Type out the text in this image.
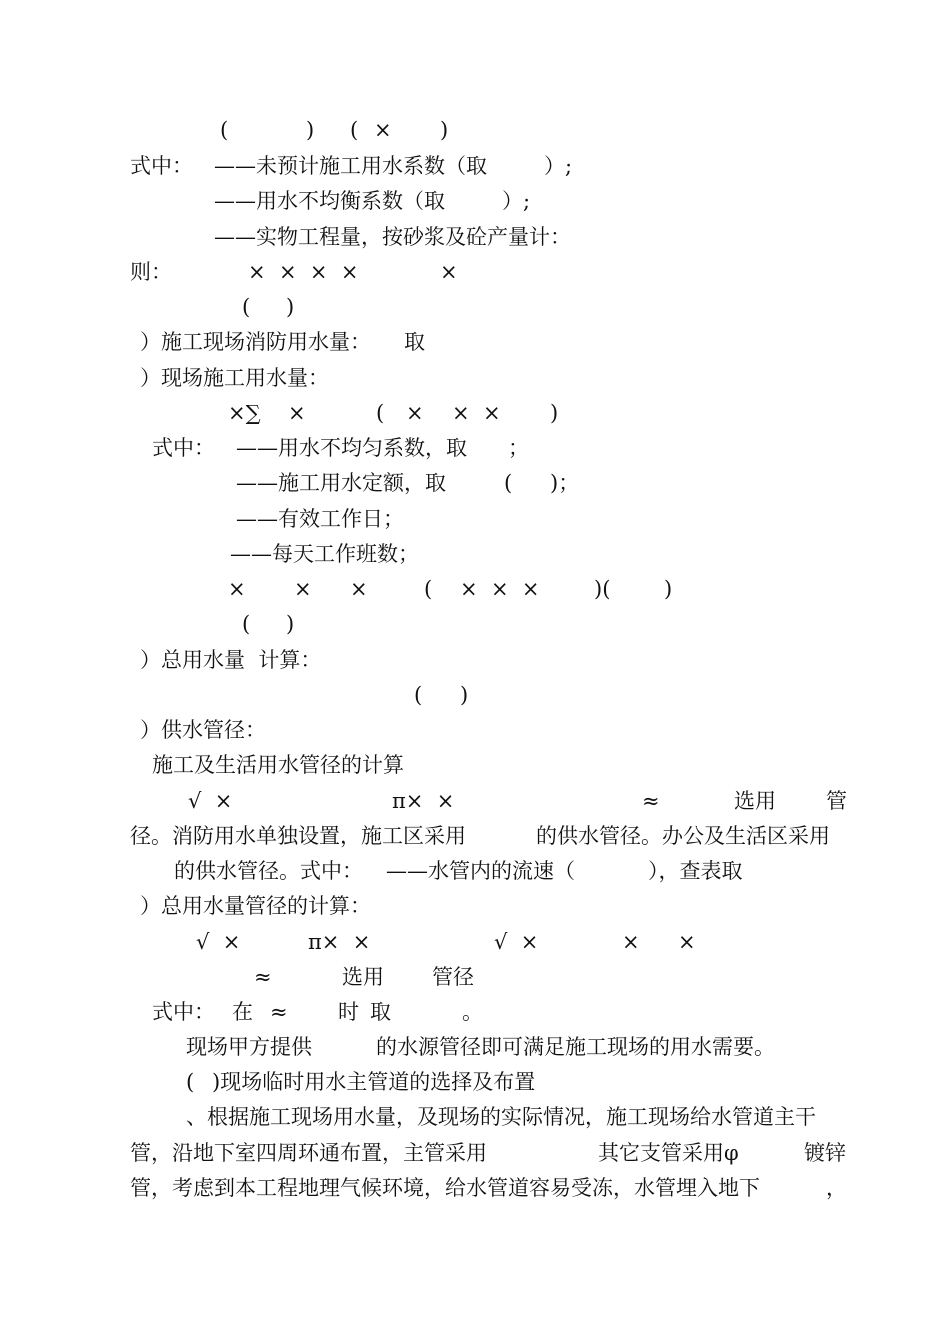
(

	)

(

×

)

式中：

——未预计施工用水系数（取

	）;

——用水不均衡系数（取

	）;

——实物工程量，按砂浆及砼产量计：

则：

	×  ×  ×  ×

	×

(

)

）施工现场消防用水量：

取

）现场施工用水量：

×∑

×

	(

×

×  ×

)

式中：

——用水不均匀系数，取

；

——施工用水定额，取

	(

)；

——有效工作日；

——每天工作班数；

×

×

×

	(

×  ×  ×

	)(

	)

(

)

）总用水量  计算：

(

)

）供水管径：

施工及生活用水管径的计算

√  ×

	π×  ×

	≈

	选用

管

径。消防用水单独设置，施工区采用

	的供水管径。办公及生活区采用

的供水管径。式中：

——水管内的流速（

	），查表取

）总用水量管径的计算：

√  ×

	π×  ×

	√  ×

	×

×

≈

	选用

管径

式中：

在

≈

时

取

	。

现场甲方提供

	的水源管径即可满足施工现场的用水需要。

(

)现场临时用水主管道的选择及布置

、根据施工现场用水量，及现场的实际情况，施工现场给水管道主干

管，沿地下室四周环通布置，主管采用

	其它支管采用φ

	镀锌

管，考虑到本工程地理气候环境，给水管道容易受冻，水管埋入地下

	，
